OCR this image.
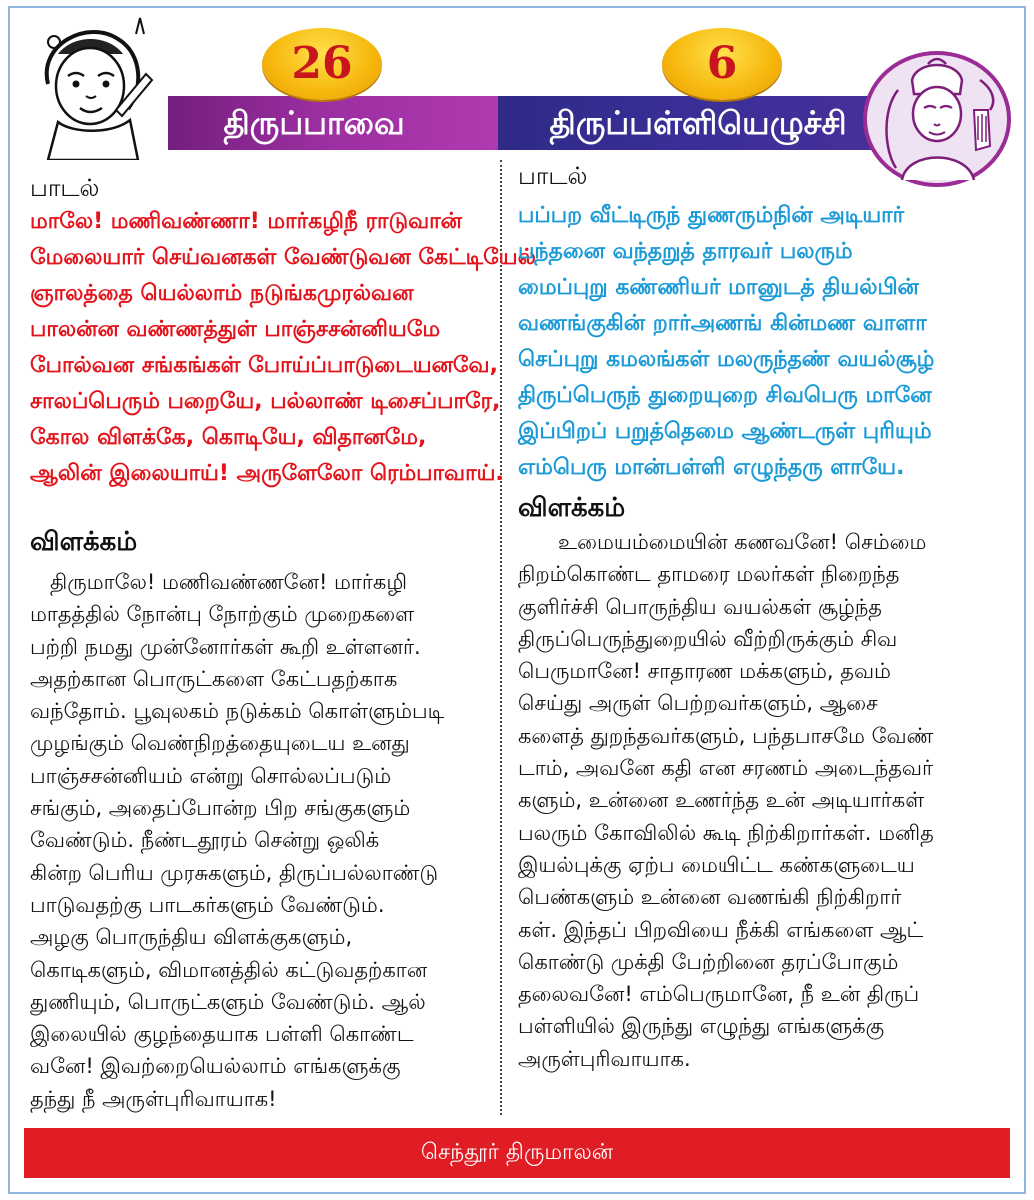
திருப்பாவை	திருப்பள்ளியெழுச்சி
26	6

பாடல்

மாலே! மணிவண்ணா! மார்கழிநீ ராடுவான்

மேலையார் செய்வனகள் வேண்டுவன கேட்டியேல்

ஞாலத்தை யெல்லாம் நடுங்கமுரல்வன

பாலன்ன வண்ணத்துள் பாஞ்சசன்னியமே

போல்வன சங்கங்கள் போய்ப்பாடுடையனவே,

சாலப்பெரும் பறையே, பல்லாண் டிசைப்பாரே,

கோல விளக்கே, கொடியே, விதானமே,

ஆலின் இலையாய்! அருளேலோ ரெம்பாவாய்.

விளக்கம்

திருமாலே! மணிவண்ணனே! மார்கழி

மாதத்தில் நோன்பு நோற்கும் முறைகளை

பற்றி நமது முன்னோர்கள் கூறி உள்ளனர்.

அதற்கான பொருட்களை கேட்பதற்காக

வந்தோம். பூவுலகம் நடுக்கம் கொள்ளும்படி

முழங்கும் வெண்நிறத்தையுடைய உனது

பாஞ்சசன்னியம் என்று சொல்லப்படும்

சங்கும், அதைப்போன்ற பிற சங்குகளும்

வேண்டும். நீண்டதூரம் சென்று ஒலிக்

கின்ற பெரிய முரசுகளும், திருப்பல்லாண்டு

பாடுவதற்கு பாடகர்களும் வேண்டும்.

அழகு பொருந்திய விளக்குகளும்,

கொடிகளும், விமானத்தில் கட்டுவதற்கான

துணியும், பொருட்களும் வேண்டும். ஆல்

இலையில் குழந்தையாக பள்ளி கொண்ட

வனே! இவற்றையெல்லாம் எங்களுக்கு

தந்து நீ அருள்புரிவாயாக!

பாடல்

பப்பற வீட்டிருந் துணரும்நின் அடியார்

பந்தனை வந்தறுத் தாரவர் பலரும்

மைப்புறு கண்ணியர் மானுடத் தியல்பின்

வணங்குகின் றார்அணங் கின்மண வாளா

செப்புறு கமலங்கள் மலருந்தண் வயல்சூழ்

திருப்பெருந் துறையுறை சிவபெரு மானே

இப்பிறப் பறுத்தெமை ஆண்டருள் புரியும்

எம்பெரு மான்பள்ளி எழுந்தரு ளாயே.

விளக்கம்

உமையம்மையின் கணவனே! செம்மை

நிறம்கொண்ட தாமரை மலர்கள் நிறைந்த

குளிர்ச்சி பொருந்திய வயல்கள் சூழ்ந்த

திருப்பெருந்துறையில் வீற்றிருக்கும் சிவ

பெருமானே! சாதாரண மக்களும், தவம்

செய்து அருள் பெற்றவர்களும், ஆசை

களைத் துறந்தவர்களும், பந்தபாசமே வேண்

டாம், அவனே கதி என சரணம் அடைந்தவர்

களும், உன்னை உணர்ந்த உன் அடியார்கள்

பலரும் கோவிலில் கூடி நிற்கிறார்கள். மனித

இயல்புக்கு ஏற்ப மையிட்ட கண்களுடைய

பெண்களும் உன்னை வணங்கி நிற்கிறார்

கள். இந்தப் பிறவியை நீக்கி எங்களை ஆட்

கொண்டு முக்தி பேற்றினை தரப்போகும்

தலைவனே! எம்பெருமானே, நீ உன் திருப்

பள்ளியில் இருந்து எழுந்து எங்களுக்கு

அருள்புரிவாயாக.

செந்தூர் திருமாலன்
